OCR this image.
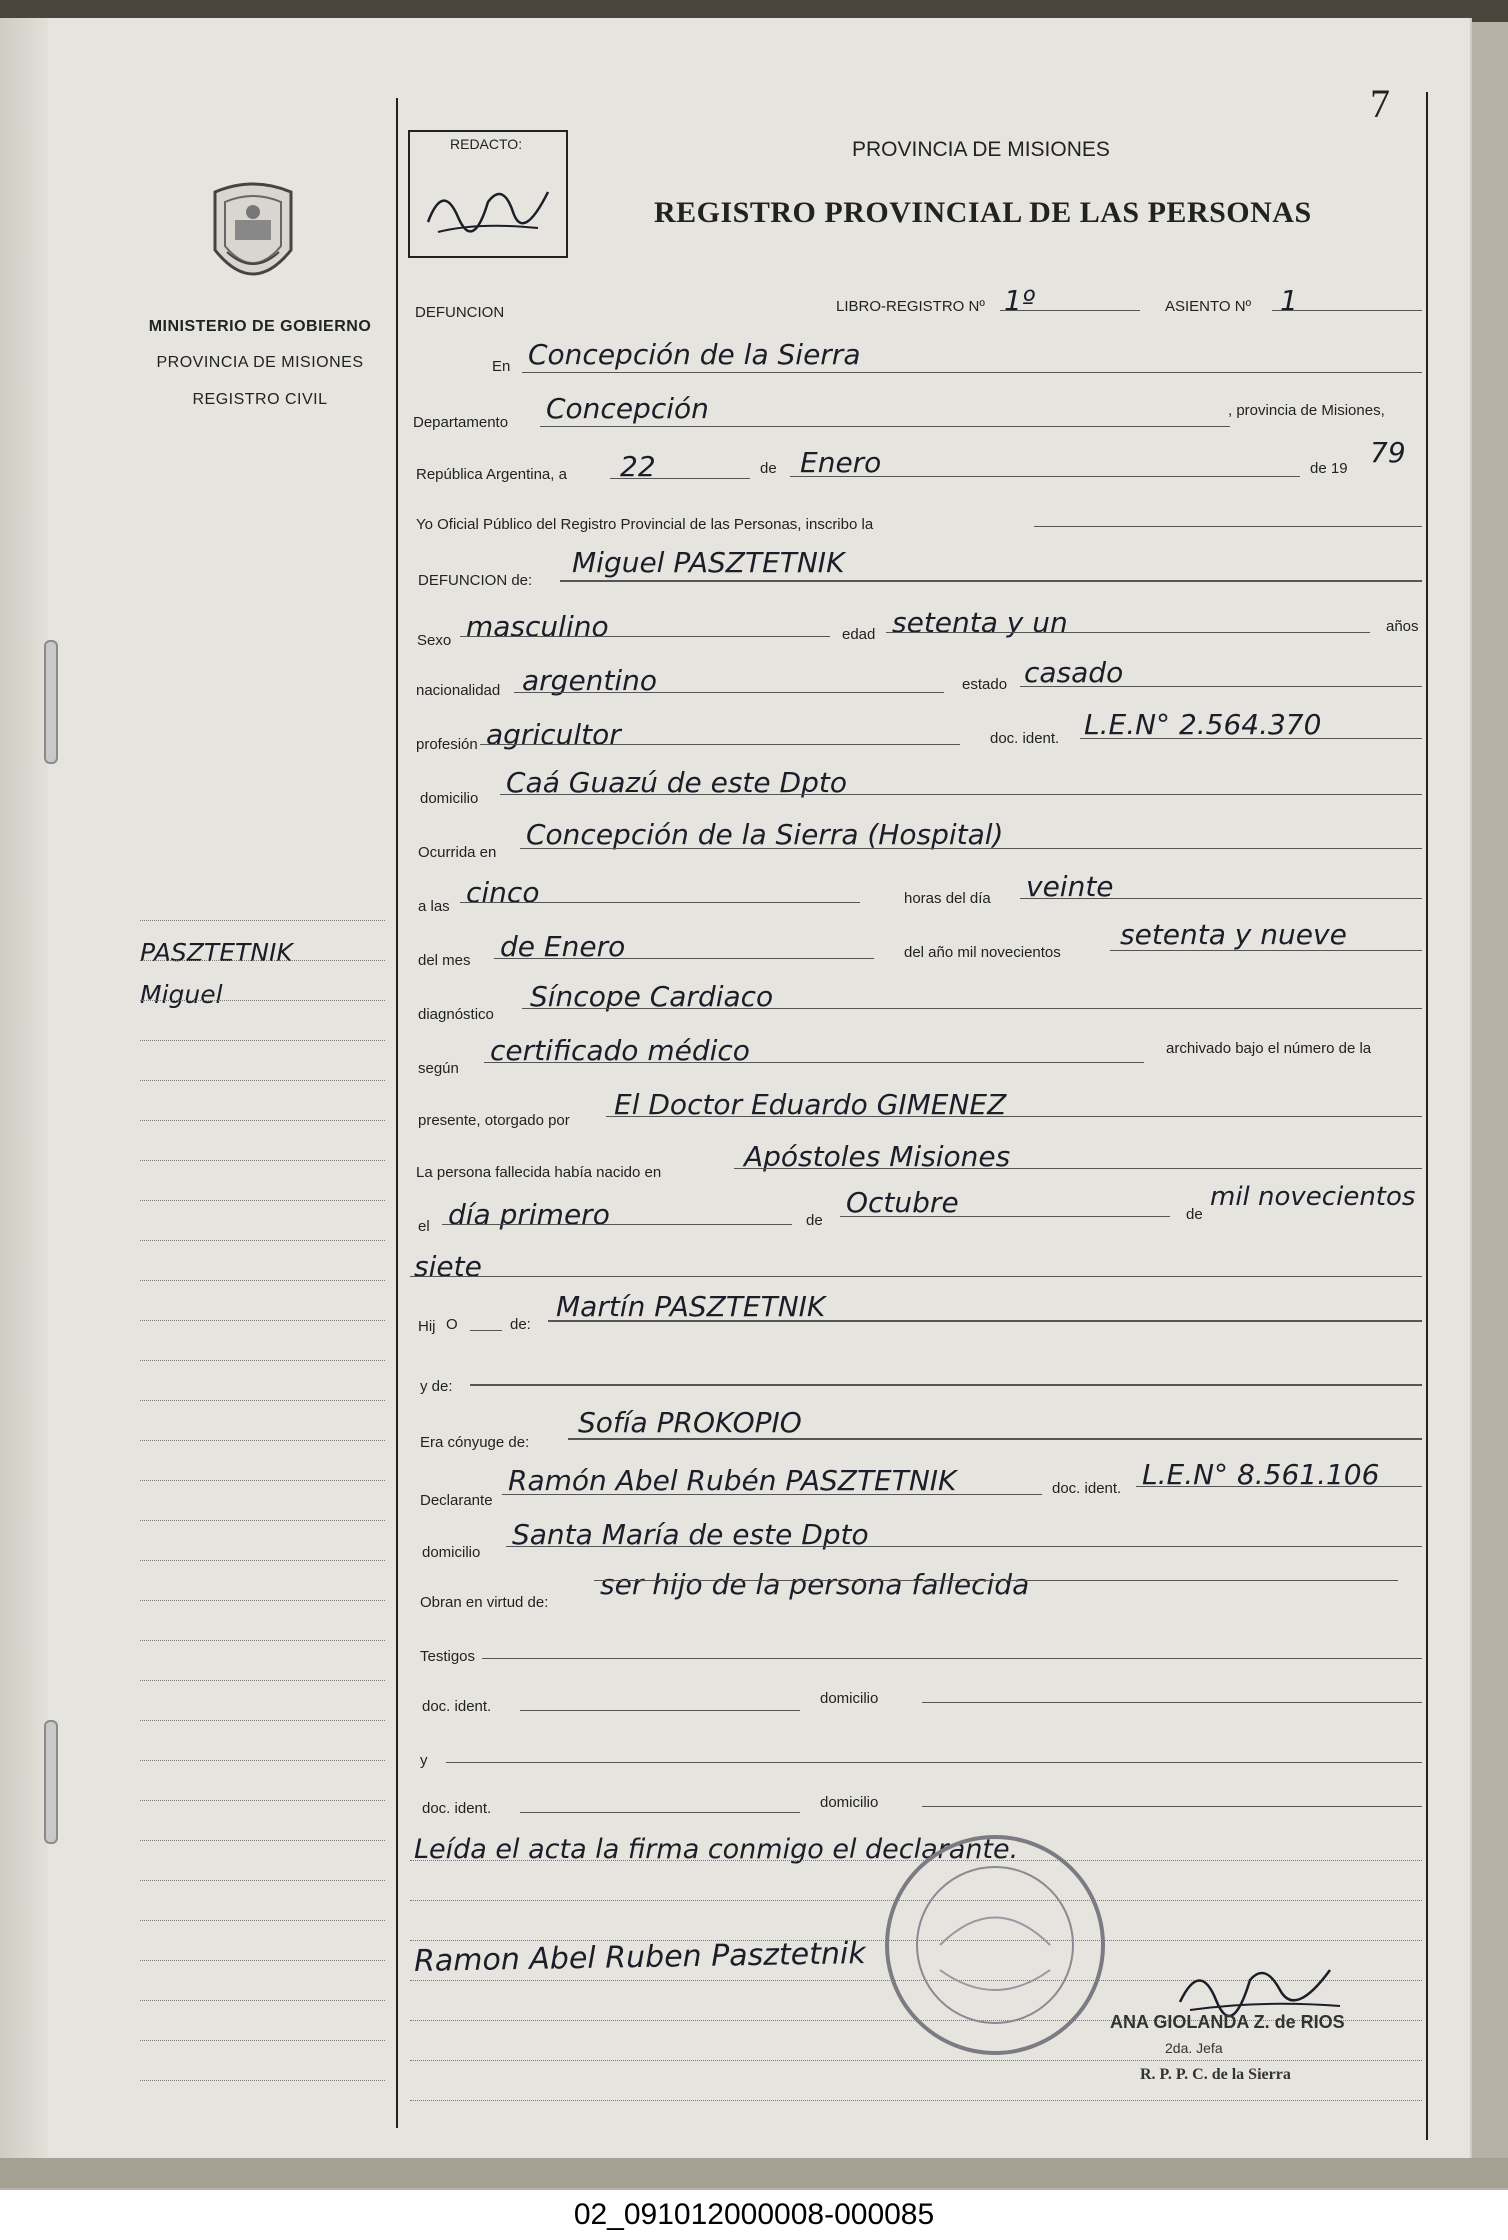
7
MINISTERIO DE GOBIERNO
PROVINCIA DE MISIONES
REGISTRO CIVIL
PASZTETNIK
Miguel
REDACTO:	PROVINCIA DE MISIONES
REGISTRO PROVINCIAL DE LAS PERSONAS
DEFUNCION	LIBRO-REGISTRO Nº 1º	ASIENTO Nº 1
En Concepción de la Sierra
Departamento Concepción	, provincia de Misiones,
República Argentina, a 22	de Enero	de 19 79
Yo Oficial Público del Registro Provincial de las Personas, inscribo la
DEFUNCION de:
Miguel PASZTETNIK
Sexo masculino	edad setenta y un	años
nacionalidad argentino	estado casado
profesión agricultor	doc. ident. L.E.N° 2.564.370
domicilio Caá Guazú de este Dpto
Ocurrida en
Concepción de la Sierra (Hospital)
a las cinco	horas del día veinte
del mes de Enero	del año mil novecientos
setenta y nueve
diagnóstico
Síncope Cardiaco
según
certificado médico	archivado bajo el número de la
presente, otorgado por El Doctor Eduardo GIMENEZ
La persona fallecida había nacido en	Apóstoles Misiones
el día primero	de
Octubre	de
mil novecientos
siete
Hij O	de:
Martín PASZTETNIK
y de:
Era cónyuge de:
Sofía PROKOPIO
Declarante
Ramón Abel Rubén PASZTETNIK	doc. ident. L.E.N° 8.561.106
domicilio
Santa María de este Dpto
Obran en virtud de:
ser hijo de la persona fallecida
Testigos
doc. ident.	domicilio
y
doc. ident.	domicilio
Leída el acta la firma conmigo el declarante.
Ramon Abel Ruben Pasztetnik
ANA GIOLANDA Z. de RIOS
2da. Jefa
R. P. P. C. de la Sierra
02_091012000008-000085
